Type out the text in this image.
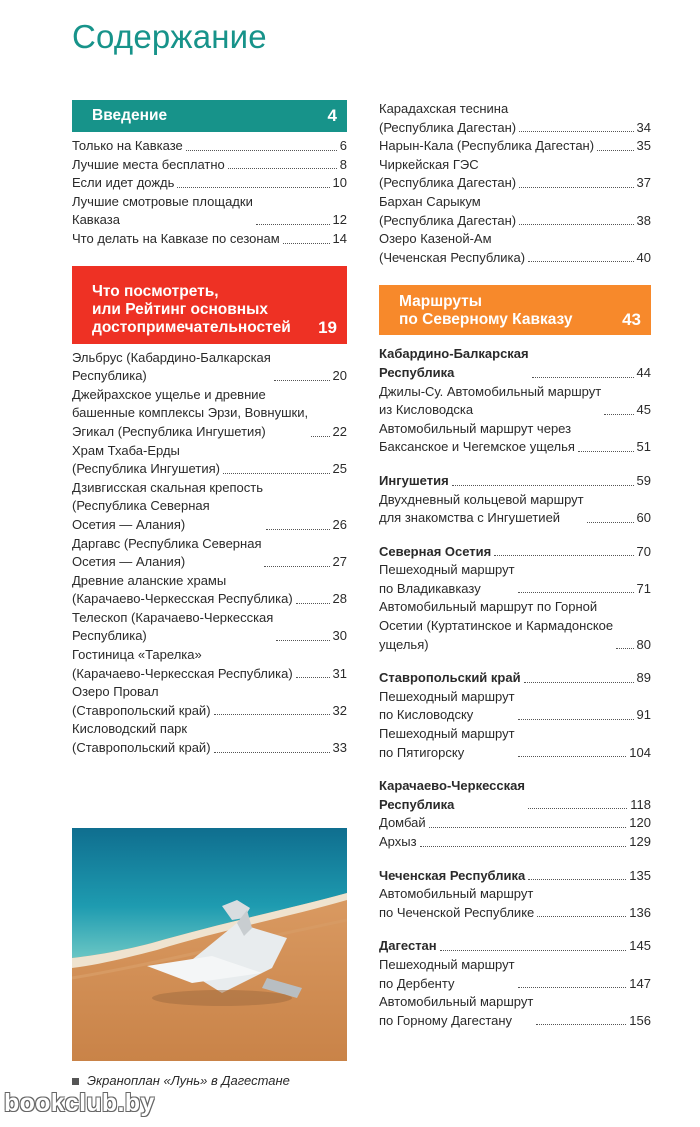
Содержание
Введение	4
Только на Кавказе	6
Лучшие места бесплатно	8
Если идет дождь	10
Лучшие смотровые площадки
Кавказа	12
Что делать на Кавказе по сезонам	14
Что посмотреть,
или Рейтинг основных
достопримечательностей 19
Эльбрус (Кабардино-Балкарская
Республика)	20
Джейрахское ущелье и древние
башенные комплексы Эрзи, Вовнушки,
Эгикал (Республика Ингушетия)	22
Храм Тхаба-Ерды
(Республика Ингушетия)	25
Дзивгисская скальная крепость
(Республика Северная
Осетия — Алания)	26
Даргавс (Республика Северная
Осетия — Алания)	27
Древние аланские храмы
(Карачаево-Черкесская Республика)	28
Телескоп (Карачаево-Черкесская
Республика)	30
Гостиница «Тарелка»
(Карачаево-Черкесская Республика)	31
Озеро Провал
(Ставропольский край)	32
Кисловодский парк
(Ставропольский край)	33
Экраноплан «Лунь» в Дагестане
Карадахская теснина
(Республика Дагестан)	34
Нарын-Кала (Республика Дагестан)	35
Чиркейская ГЭС
(Республика Дагестан)	37
Бархан Сарыкум
(Республика Дагестан)	38
Озеро Казеной-Ам
(Чеченская Республика)	40
Маршруты
по Северному Кавказу	43
Кабардино-Балкарская
Республика	44
Джилы-Су. Автомобильный маршрут
из Кисловодска	45
Автомобильный маршрут через
Баксанское и Чегемское ущелья	51
Ингушетия	59
Двухдневный кольцевой маршрут
для знакомства с Ингушетией	60
Северная Осетия	70
Пешеходный маршрут
по Владикавказу	71
Автомобильный маршрут по Горной
Осетии (Куртатинское и Кармадонское
ущелья)	80
Ставропольский край	89
Пешеходный маршрут
по Кисловодску	91
Пешеходный маршрут
по Пятигорску	104
Карачаево-Черкесская
Республика	118
Домбай	120
Архыз	129
Чеченская Республика	135
Автомобильный маршрут
по Чеченской Республике	136
Дагестан	145
Пешеходный маршрут
по Дербенту	147
Автомобильный маршрут
по Горному Дагестану	156
bookclub.by
